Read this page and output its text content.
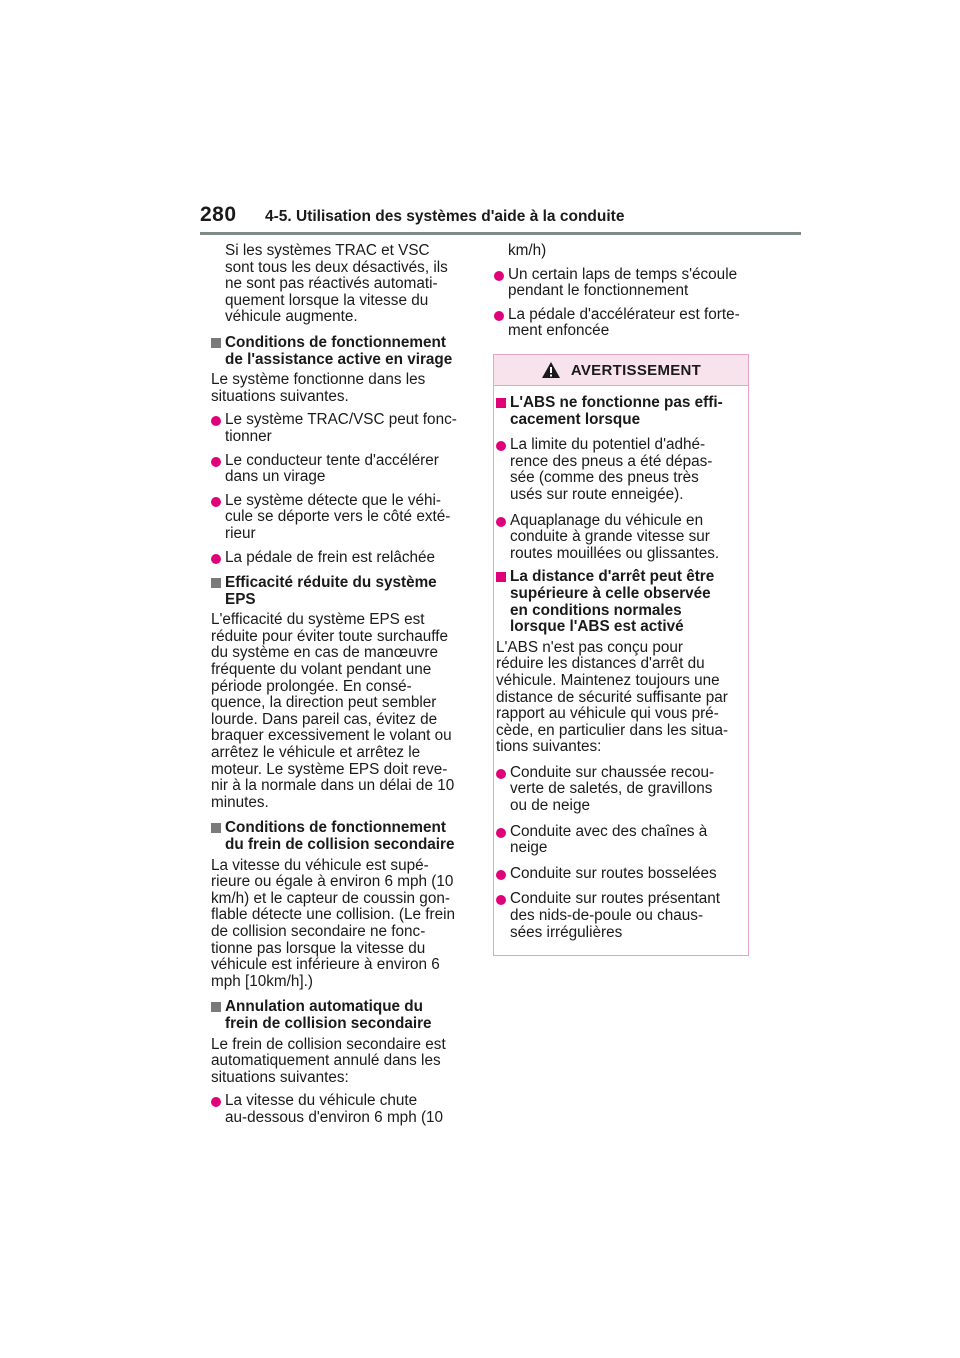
280 4-5. Utilisation des systèmes d'aide à la conduite
Si les systèmes TRAC et VSC
sont tous les deux désactivés, ils
ne sont pas réactivés automati-
quement lorsque la vitesse du
véhicule augmente.
Conditions de fonctionnement
de l'assistance active en virage
Le système fonctionne dans les
situations suivantes.
Le système TRAC/VSC peut fonc-
tionner
Le conducteur tente d'accélérer
dans un virage
Le système détecte que le véhi-
cule se déporte vers le côté exté-
rieur
La pédale de frein est relâchée
Efficacité réduite du système
EPS
L'efficacité du système EPS est
réduite pour éviter toute surchauffe
du système en cas de manœuvre
fréquente du volant pendant une
période prolongée. En consé-
quence, la direction peut sembler
lourde. Dans pareil cas, évitez de
braquer excessivement le volant ou
arrêtez le véhicule et arrêtez le
moteur. Le système EPS doit reve-
nir à la normale dans un délai de 10
minutes.
Conditions de fonctionnement
du frein de collision secondaire
La vitesse du véhicule est supé-
rieure ou égale à environ 6 mph (10
km/h) et le capteur de coussin gon-
flable détecte une collision. (Le frein
de collision secondaire ne fonc-
tionne pas lorsque la vitesse du
véhicule est inférieure à environ 6
mph [10km/h].)
Annulation automatique du
frein de collision secondaire
Le frein de collision secondaire est
automatiquement annulé dans les
situations suivantes:
La vitesse du véhicule chute
au-dessous d'environ 6 mph (10
km/h)
Un certain laps de temps s'écoule
pendant le fonctionnement
La pédale d'accélérateur est forte-
ment enfoncée
AVERTISSEMENT
L'ABS ne fonctionne pas effi-
cacement lorsque
La limite du potentiel d'adhé-
rence des pneus a été dépas-
sée (comme des pneus très
usés sur route enneigée).
Aquaplanage du véhicule en
conduite à grande vitesse sur
routes mouillées ou glissantes.
La distance d'arrêt peut être
supérieure à celle observée
en conditions normales
lorsque l'ABS est activé
L'ABS n'est pas conçu pour
réduire les distances d'arrêt du
véhicule. Maintenez toujours une
distance de sécurité suffisante par
rapport au véhicule qui vous pré-
cède, en particulier dans les situa-
tions suivantes:
Conduite sur chaussée recou-
verte de saletés, de gravillons
ou de neige
Conduite avec des chaînes à
neige
Conduite sur routes bosselées
Conduite sur routes présentant
des nids-de-poule ou chaus-
sées irrégulières
